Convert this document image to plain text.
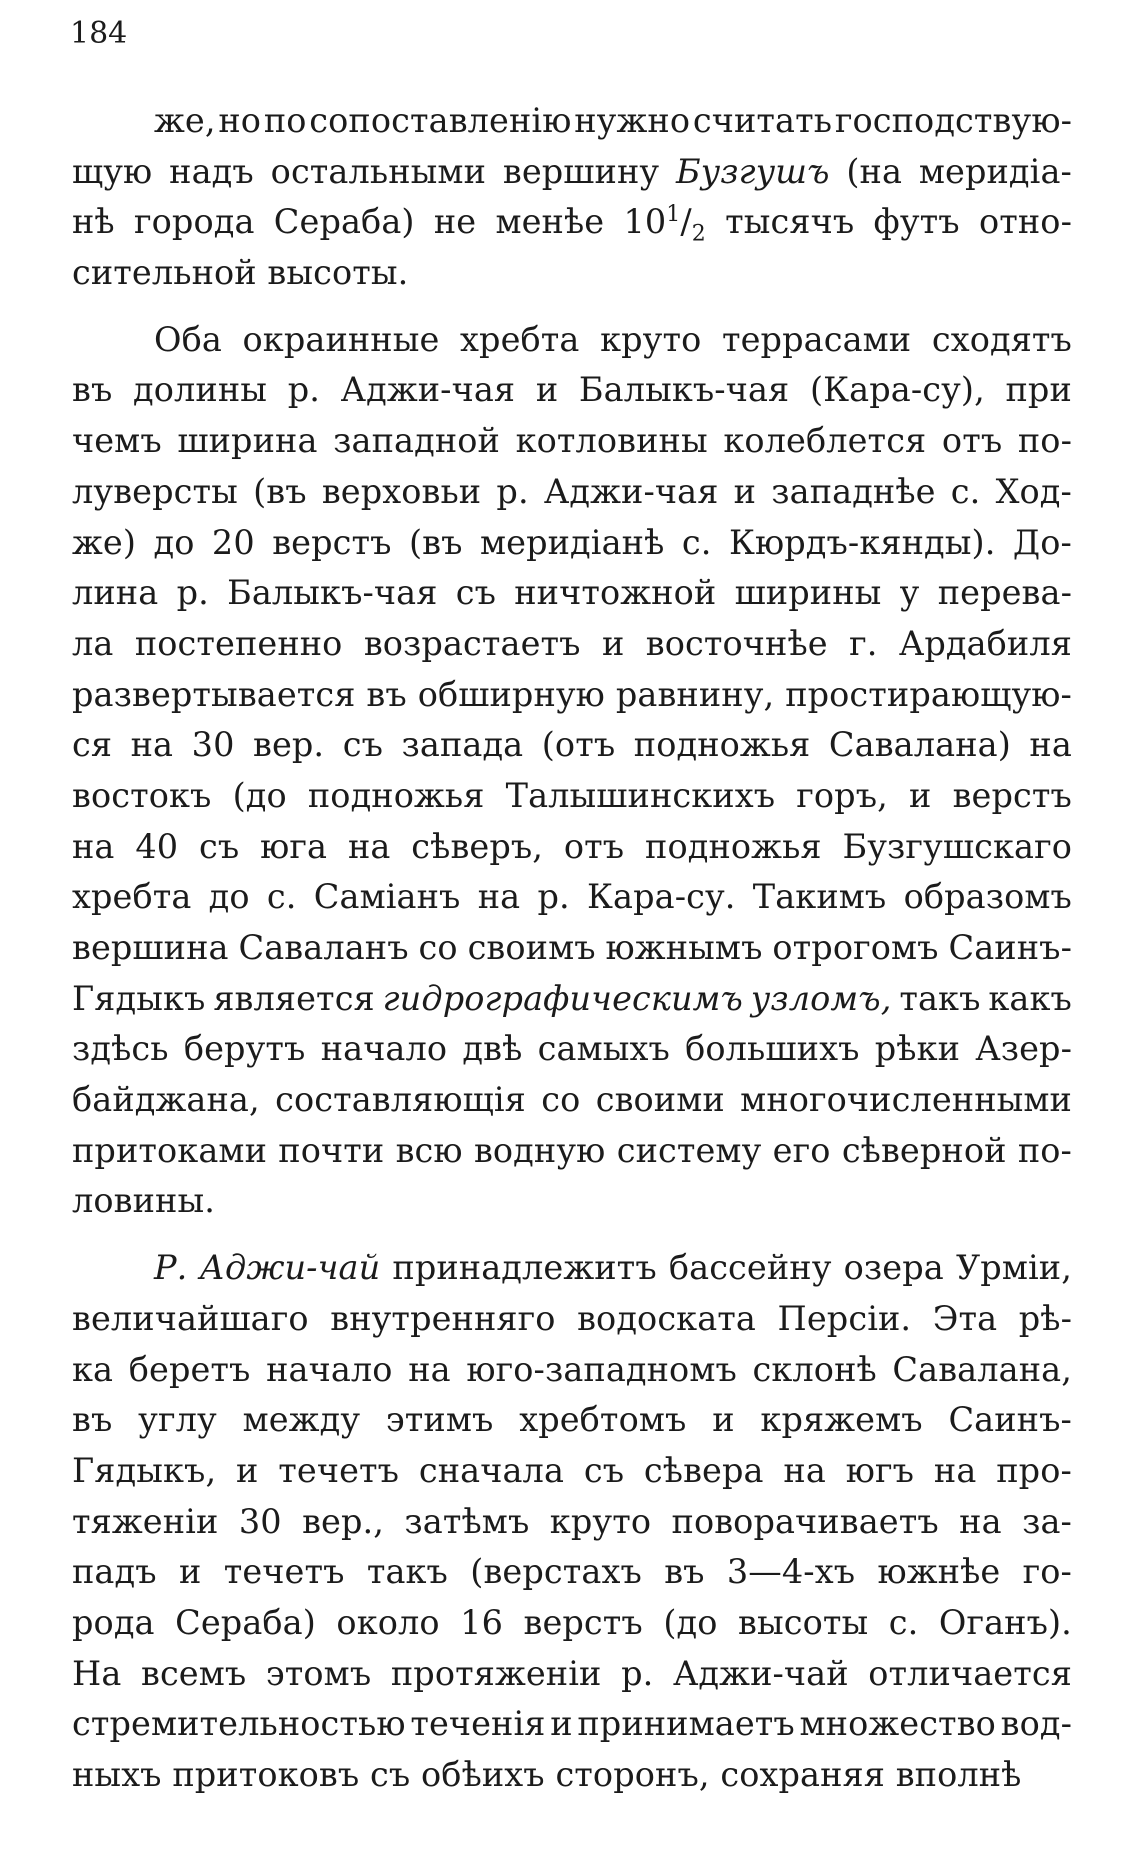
184
же, но по сопоставленію нужно считать господствую-
щую надъ остальными вершину Бузгушъ (на меридіа-
нѣ города Сераба) не менѣе $10^1/_2$ тысячъ футъ отно-
сительной высоты.
Оба окраинные хребта круто террасами сходятъ
въ долины р. Аджи-чая и Балыкъ-чая (Кара-су), при
чемъ ширина западной котловины колеблется отъ по-
луверсты (въ верховьи р. Аджи-чая и западнѣе с. Ход-
же) до 20 верстъ (въ меридіанѣ с. Кюрдъ-кянды). До-
лина р. Балыкъ-чая съ ничтожной ширины у перева-
ла постепенно возрастаетъ и восточнѣе г. Ардабиля
развертывается въ обширную равнину, простирающую-
ся на 30 вер. съ запада (отъ подножья Савалана) на
востокъ (до подножья Талышинскихъ горъ, и верстъ
на 40 съ юга на сѣверъ, отъ подножья Бузгушскаго
хребта до с. Саміанъ на р. Кара-су. Такимъ образомъ
вершина Саваланъ со своимъ южнымъ отрогомъ Саинъ-
Гядыкъ является гидрографическимъ узломъ, такъ какъ
здѣсь берутъ начало двѣ самыхъ большихъ рѣки Азер-
байджана, составляющія со своими многочисленными
притоками почти всю водную систему его сѣверной по-
ловины.
Р. Аджи-чай принадлежитъ бассейну озера Урміи,
величайшаго внутренняго водоската Персіи. Эта рѣ-
ка беретъ начало на юго-западномъ склонѣ Савалана,
въ углу между этимъ хребтомъ и кряжемъ Саинъ-
Гядыкъ, и течетъ сначала съ сѣвера на югъ на про-
тяженіи 30 вер., затѣмъ круто поворачиваетъ на за-
падъ и течетъ такъ (верстахъ въ 3—4-хъ южнѣе го-
рода Сераба) около 16 верстъ (до высоты с. Оганъ).
На всемъ этомъ протяженіи р. Аджи-чай отличается
стремительностью теченія и принимаетъ множество вод-
ныхъ притоковъ съ обѣихъ сторонъ, сохраняя вполнѣ
